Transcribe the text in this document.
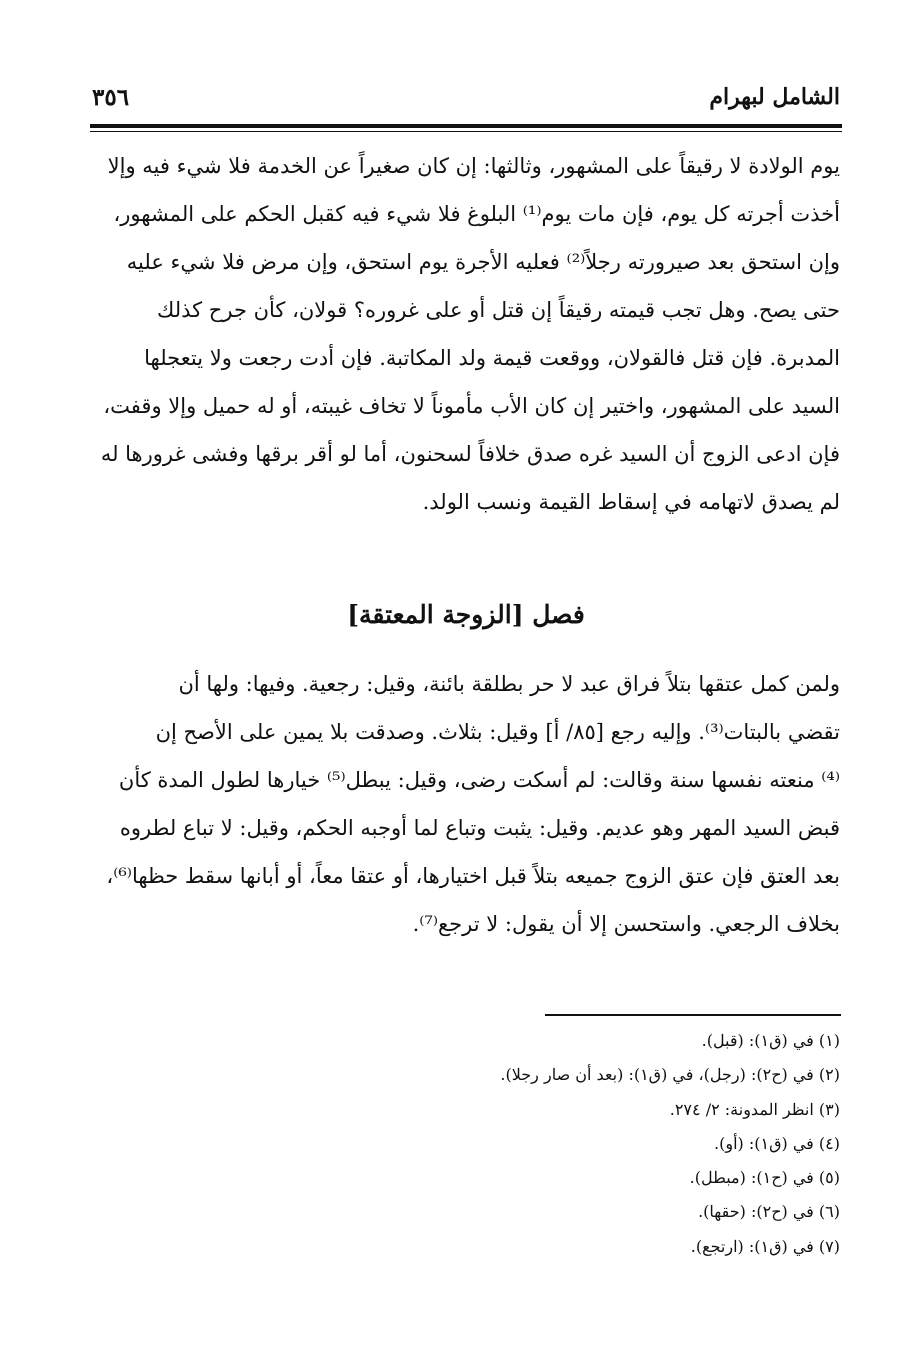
الشامل لبهرام
٣٥٦
يوم الولادة لا رقيقاً على المشهور، وثالثها: إن كان صغيراً عن الخدمة فلا شيء فيه وإلا
أخذت أجرته كل يوم، فإن مات يوم⁽¹⁾ البلوغ فلا شيء فيه كقبل الحكم على المشهور،
وإن استحق بعد صيرورته رجلاً⁽²⁾ فعليه الأجرة يوم استحق، وإن مرض فلا شيء عليه
حتى يصح. وهل تجب قيمته رقيقاً إن قتل أو على غروره؟ قولان، كأن جرح كذلك
المدبرة. فإن قتل فالقولان، ووقعت قيمة ولد المكاتبة. فإن أدت رجعت ولا يتعجلها
السيد على المشهور، واختير إن كان الأب مأموناً لا تخاف غيبته، أو له حميل وإلا وقفت،
فإن ادعى الزوج أن السيد غره صدق خلافاً لسحنون، أما لو أقر برقها وفشى غرورها له
لم يصدق لاتهامه في إسقاط القيمة ونسب الولد.
فصل [الزوجة المعتقة]
ولمن كمل عتقها بتلاً فراق عبد لا حر بطلقة بائنة، وقيل: رجعية. وفيها: ولها أن
تقضي بالبتات⁽³⁾. وإليه رجع [٨٥/ أ] وقيل: بثلاث. وصدقت بلا يمين على الأصح إن
⁽⁴⁾ منعته نفسها سنة وقالت: لم أسكت رضى، وقيل: يبطل⁽⁵⁾ خيارها لطول المدة كأن
قبض السيد المهر وهو عديم. وقيل: يثبت وتباع لما أوجبه الحكم، وقيل: لا تباع لطروه
بعد العتق فإن عتق الزوج جميعه بتلاً قبل اختيارها، أو عتقا معاً، أو أبانها سقط حظها⁽⁶⁾،
بخلاف الرجعي. واستحسن إلا أن يقول: لا ترجع⁽⁷⁾.
(١) في (ق١): (قبل).
(٢) في (ح٢): (رجل)، في (ق١): (بعد أن صار رجلا).
(٣) انظر المدونة: ٢/ ٢٧٤.
(٤) في (ق١): (أو).
(٥) في (ح١): (مبطل).
(٦) في (ح٢): (حقها).
(٧) في (ق١): (ارتجع).
